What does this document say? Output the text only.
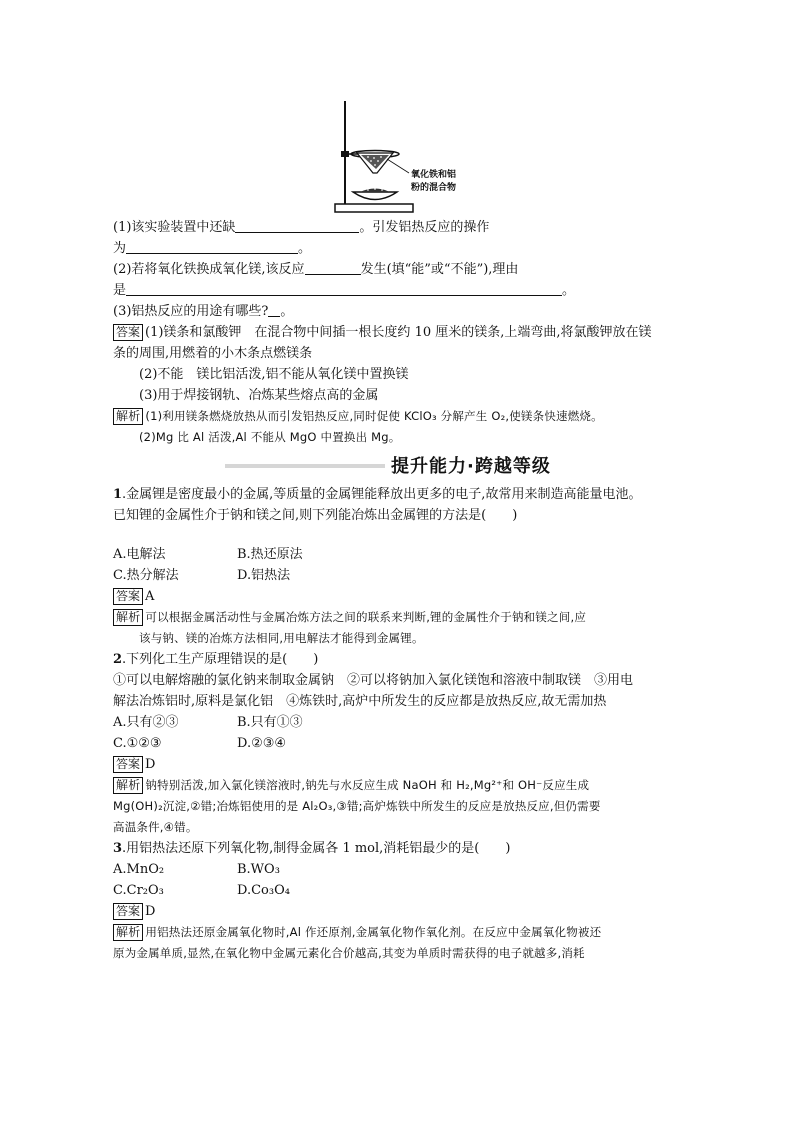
氧化铁和铝
粉的混合物
(1)该实验装置中还缺	。引发铝热反应的操作
为	。
(2)若将氧化铁换成氧化镁,该反应	发生(填“能”或“不能”),理由
是	。
(3)铝热反应的用途有哪些? 。
答案 (1)镁条和氯酸钾　在混合物中间插一根长度约 10 厘米的镁条,上端弯曲,将氯酸钾放在镁
条的周围,用燃着的小木条点燃镁条
(2)不能　镁比铝活泼,铝不能从氧化镁中置换镁
(3)用于焊接钢轨、冶炼某些熔点高的金属
解析 (1)利用镁条燃烧放热从而引发铝热反应,同时促使 KClO₃ 分解产生 O₂,使镁条快速燃烧。
(2)Mg 比 Al 活泼,Al 不能从 MgO 中置换出 Mg。
提升能力·跨越等级
1.金属锂是密度最小的金属,等质量的金属锂能释放出更多的电子,故常用来制造高能量电池。
已知锂的金属性介于钠和镁之间,则下列能冶炼出金属锂的方法是(　　)
A.电解法	B.热还原法
C.热分解法	D.铝热法
答案 A
解析 可以根据金属活动性与金属冶炼方法之间的联系来判断,锂的金属性介于钠和镁之间,应
该与钠、镁的冶炼方法相同,用电解法才能得到金属锂。
2.下列化工生产原理错误的是(　　)
①可以电解熔融的氯化钠来制取金属钠　②可以将钠加入氯化镁饱和溶液中制取镁　③用电
解法冶炼铝时,原料是氯化铝　④炼铁时,高炉中所发生的反应都是放热反应,故无需加热
A.只有②③	B.只有①③
C.①②③	D.②③④
答案 D
解析 钠特别活泼,加入氯化镁溶液时,钠先与水反应生成 NaOH 和 H₂,Mg²⁺和 OH⁻反应生成
Mg(OH)₂沉淀,②错;冶炼铝使用的是 Al₂O₃,③错;高炉炼铁中所发生的反应是放热反应,但仍需要
高温条件,④错。
3.用铝热法还原下列氧化物,制得金属各 1 mol,消耗铝最少的是(　　)
A.MnO₂	B.WO₃
C.Cr₂O₃	D.Co₃O₄
答案 D
解析 用铝热法还原金属氧化物时,Al 作还原剂,金属氧化物作氧化剂。在反应中金属氧化物被还
原为金属单质,显然,在氧化物中金属元素化合价越高,其变为单质时需获得的电子就越多,消耗
